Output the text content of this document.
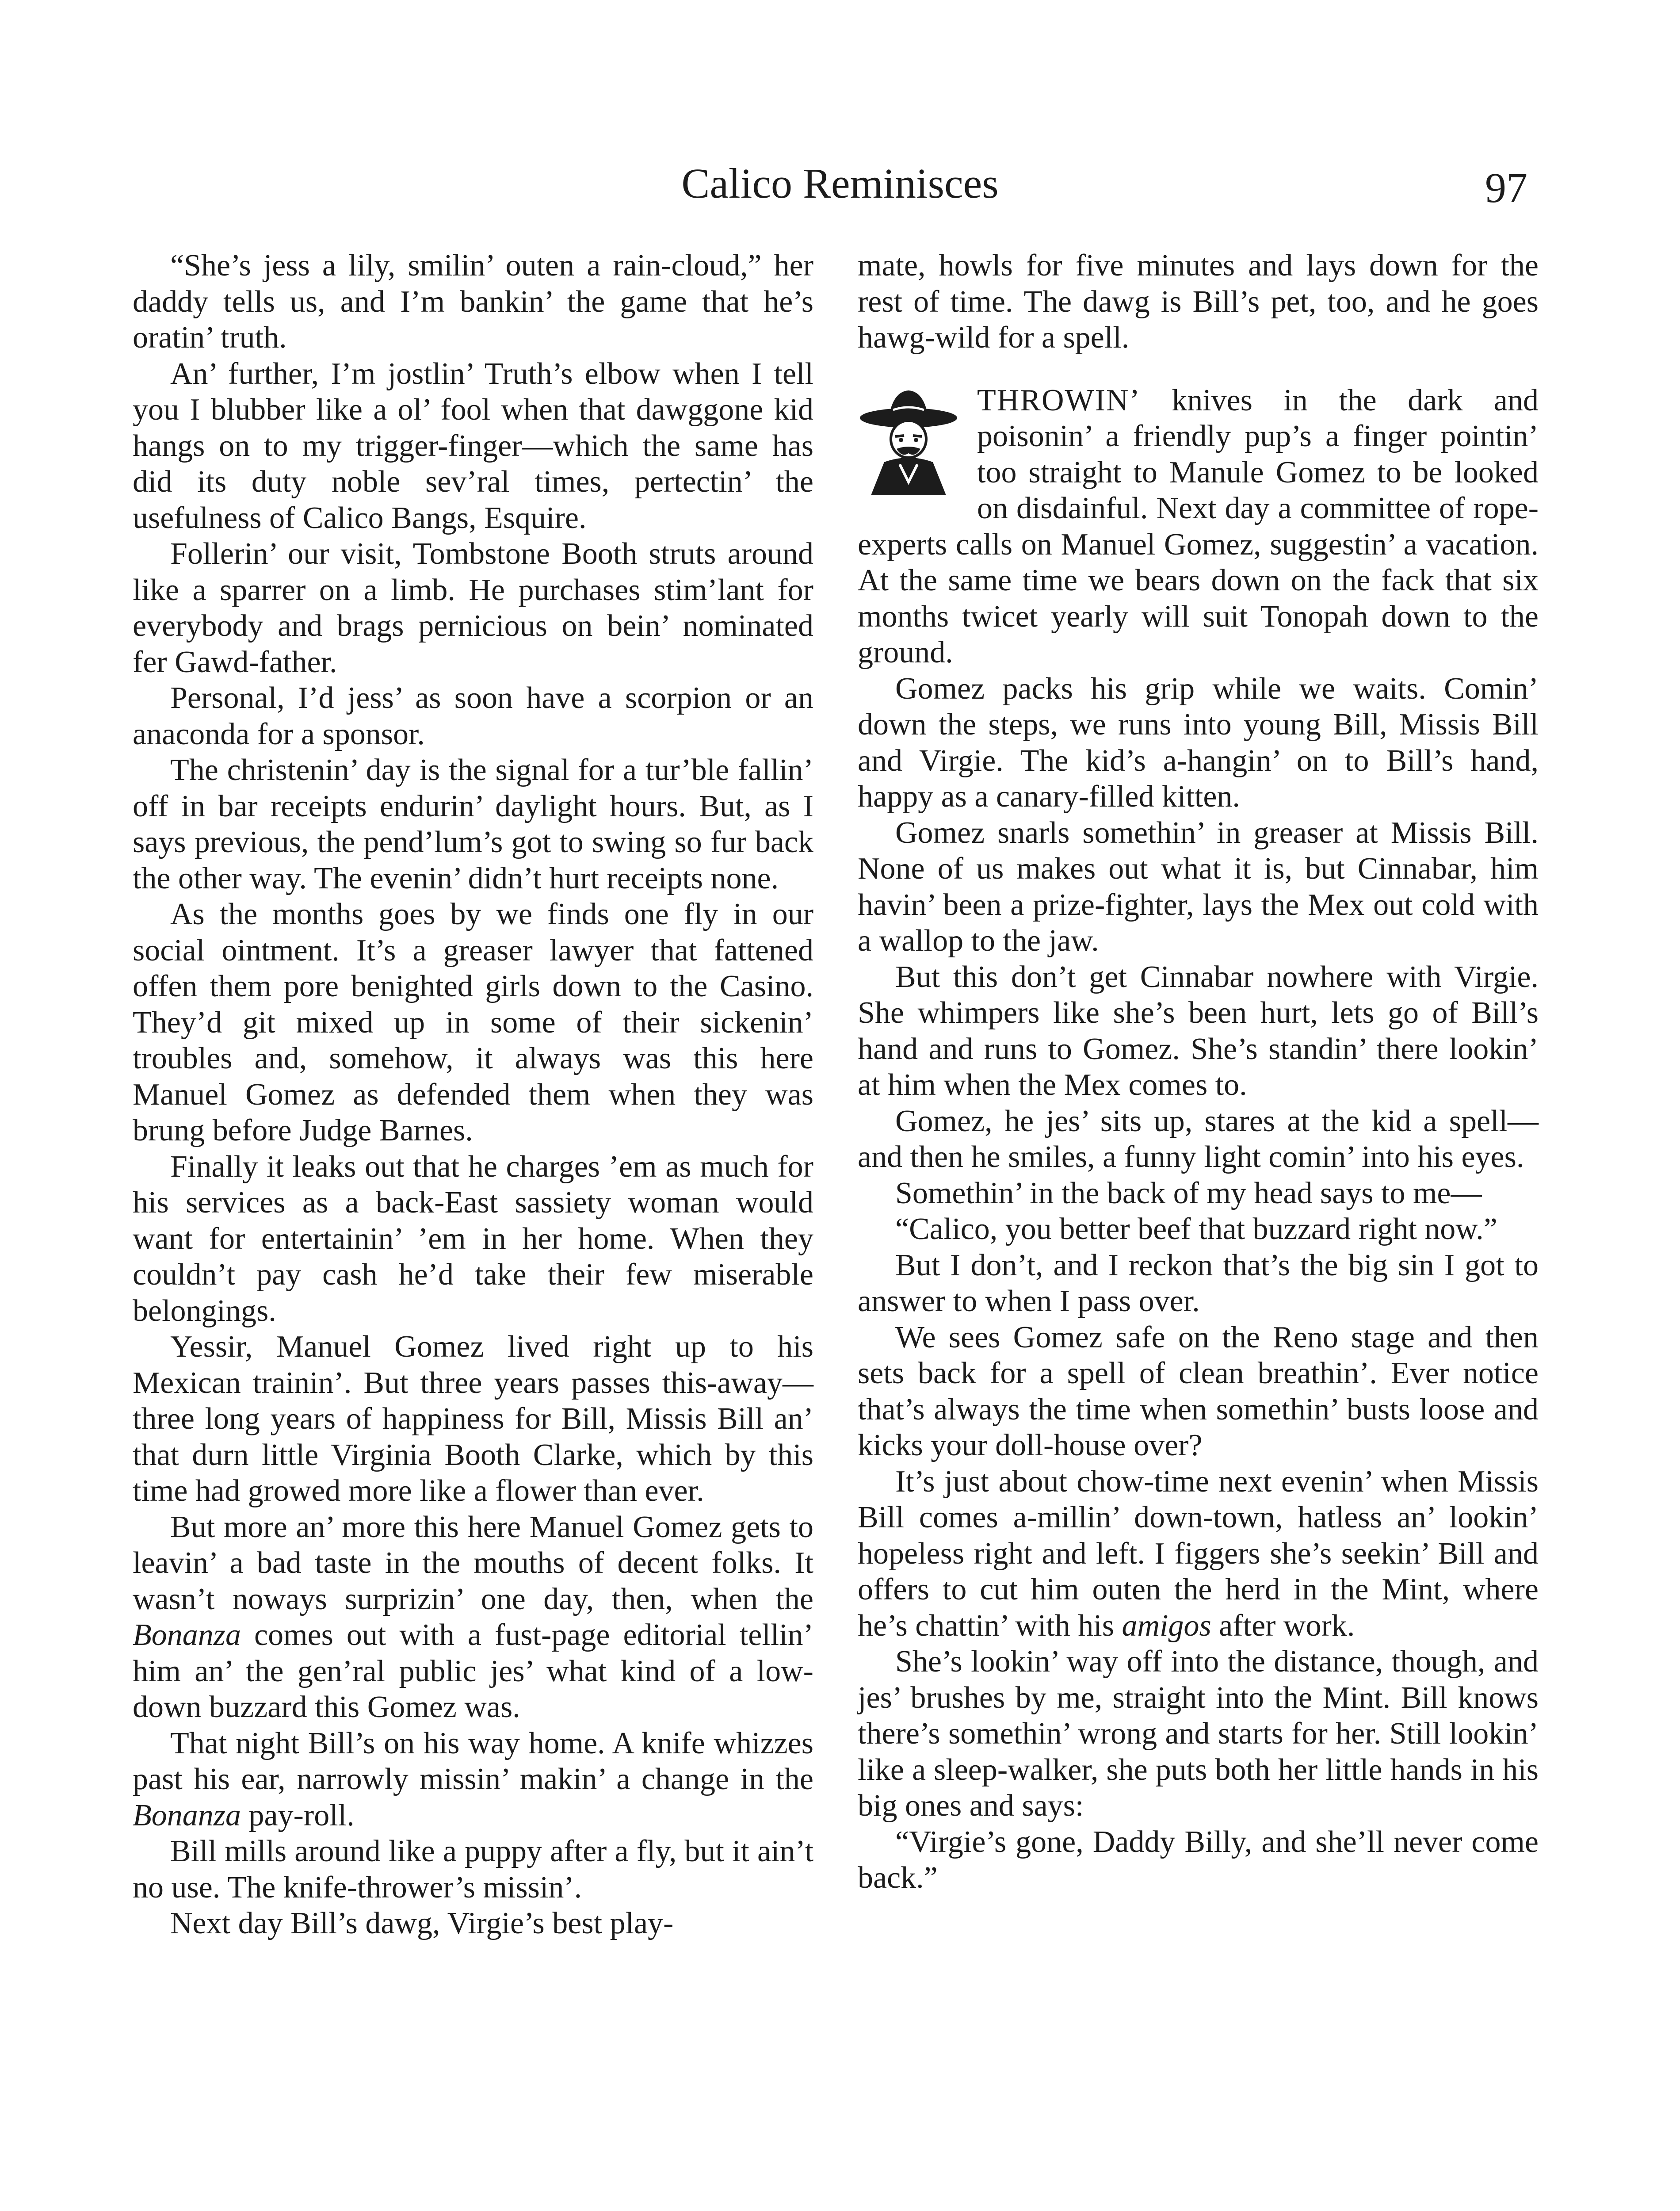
Calico Reminisces	97

“She’s jess a lily, smilin’ outen a rain-cloud,” her daddy tells us, and I’m bankin’ the game that he’s oratin’ truth.

An’ further, I’m jostlin’ Truth’s elbow when I tell you I blubber like a ol’ fool when that dawggone kid hangs on to my trigger-finger—which the same has did its duty noble sev’ral times, pertectin’ the usefulness of Calico Bangs, Esquire.

Follerin’ our visit, Tombstone Booth struts around like a sparrer on a limb. He purchases stim’lant for everybody and brags pernicious on bein’ nominated fer Gawd-father.

Personal, I’d jess’ as soon have a scorpion or an anaconda for a sponsor.

The christenin’ day is the signal for a tur’ble fallin’ off in bar receipts endurin’ daylight hours. But, as I says previous, the pend’lum’s got to swing so fur back the other way. The evenin’ didn’t hurt receipts none.

As the months goes by we finds one fly in our social ointment. It’s a greaser lawyer that fattened offen them pore benighted girls down to the Casino. They’d git mixed up in some of their sickenin’ troubles and, somehow, it always was this here Manuel Gomez as defended them when they was brung before Judge Barnes.

Finally it leaks out that he charges ’em as much for his services as a back-East sassiety woman would want for entertainin’ ’em in her home. When they couldn’t pay cash he’d take their few miserable belongings.

Yessir, Manuel Gomez lived right up to his Mexican trainin’. But three years passes this-away—three long years of happiness for Bill, Missis Bill an’ that durn little Virginia Booth Clarke, which by this time had growed more like a flower than ever.

But more an’ more this here Manuel Gomez gets to leavin’ a bad taste in the mouths of decent folks. It wasn’t noways surprizin’ one day, then, when the Bonanza comes out with a fust-page editorial tellin’ him an’ the gen’ral public jes’ what kind of a low-down buzzard this Gomez was.

That night Bill’s on his way home. A knife whizzes past his ear, narrowly missin’ makin’ a change in the Bonanza pay-roll.

Bill mills around like a puppy after a fly, but it ain’t no use. The knife-thrower’s missin’.

Next day Bill’s dawg, Virgie’s best play-

mate, howls for five minutes and lays down for the rest of time. The dawg is Bill’s pet, too, and he goes hawg-wild for a spell.

THROWIN’ knives in the dark and poisonin’ a friendly pup’s a finger pointin’ too straight to Manule Gomez to be looked on disdainful. Next day a committee of rope-experts calls on Manuel Gomez, suggestin’ a vacation. At the same time we bears down on the fack that six months twicet yearly will suit Tonopah down to the ground.

Gomez packs his grip while we waits. Comin’ down the steps, we runs into young Bill, Missis Bill and Virgie. The kid’s a-hangin’ on to Bill’s hand, happy as a canary-filled kitten.

Gomez snarls somethin’ in greaser at Missis Bill. None of us makes out what it is, but Cinnabar, him havin’ been a prize-fighter, lays the Mex out cold with a wallop to the jaw.

But this don’t get Cinnabar nowhere with Virgie. She whimpers like she’s been hurt, lets go of Bill’s hand and runs to Gomez. She’s standin’ there lookin’ at him when the Mex comes to.

Gomez, he jes’ sits up, stares at the kid a spell—and then he smiles, a funny light comin’ into his eyes.

Somethin’ in the back of my head says to me—

“Calico, you better beef that buzzard right now.”

But I don’t, and I reckon that’s the big sin I got to answer to when I pass over.

We sees Gomez safe on the Reno stage and then sets back for a spell of clean breathin’. Ever notice that’s always the time when somethin’ busts loose and kicks your doll-house over?

It’s just about chow-time next evenin’ when Missis Bill comes a-millin’ down-town, hatless an’ lookin’ hopeless right and left. I figgers she’s seekin’ Bill and offers to cut him outen the herd in the Mint, where he’s chattin’ with his amigos after work.

She’s lookin’ way off into the distance, though, and jes’ brushes by me, straight into the Mint. Bill knows there’s somethin’ wrong and starts for her. Still lookin’ like a sleep-walker, she puts both her little hands in his big ones and says:

“Virgie’s gone, Daddy Billy, and she’ll never come back.”
